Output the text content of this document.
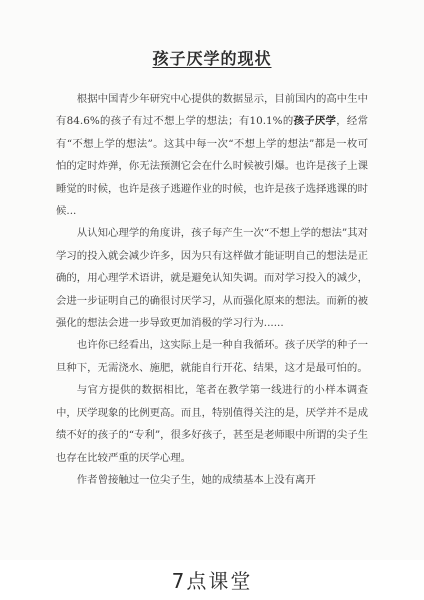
孩子厌学的现状

根据中国青少年研究中心提供的数据显示，目前国内的高中生中有84.6%的孩子有过不想上学的想法；有10.1%的孩子厌学，经常有“不想上学的想法”。这其中每一次“不想上学的想法”都是一枚可怕的定时炸弹，你无法预测它会在什么时候被引爆。也许是孩子上课睡觉的时候，也许是孩子逃避作业的时候，也许是孩子选择逃课的时候...

从认知心理学的角度讲，孩子每产生一次“不想上学的想法”其对学习的投入就会减少许多，因为只有这样做才能证明自己的想法是正确的，用心理学术语讲，就是避免认知失调。而对学习投入的减少，会进一步证明自己的确很讨厌学习，从而强化原来的想法。而新的被强化的想法会进一步导致更加消极的学习行为......

也许你已经看出，这实际上是一种自我循环。孩子厌学的种子一旦种下，无需浇水、施肥，就能自行开花、结果，这才是最可怕的。

与官方提供的数据相比，笔者在教学第一线进行的小样本调查中，厌学现象的比例更高。而且，特别值得关注的是，厌学并不是成绩不好的孩子的“专利”，很多好孩子，甚至是老师眼中所谓的尖子生也存在比较严重的厌学心理。

作者曾接触过一位尖子生，她的成绩基本上没有离开

7点课堂
